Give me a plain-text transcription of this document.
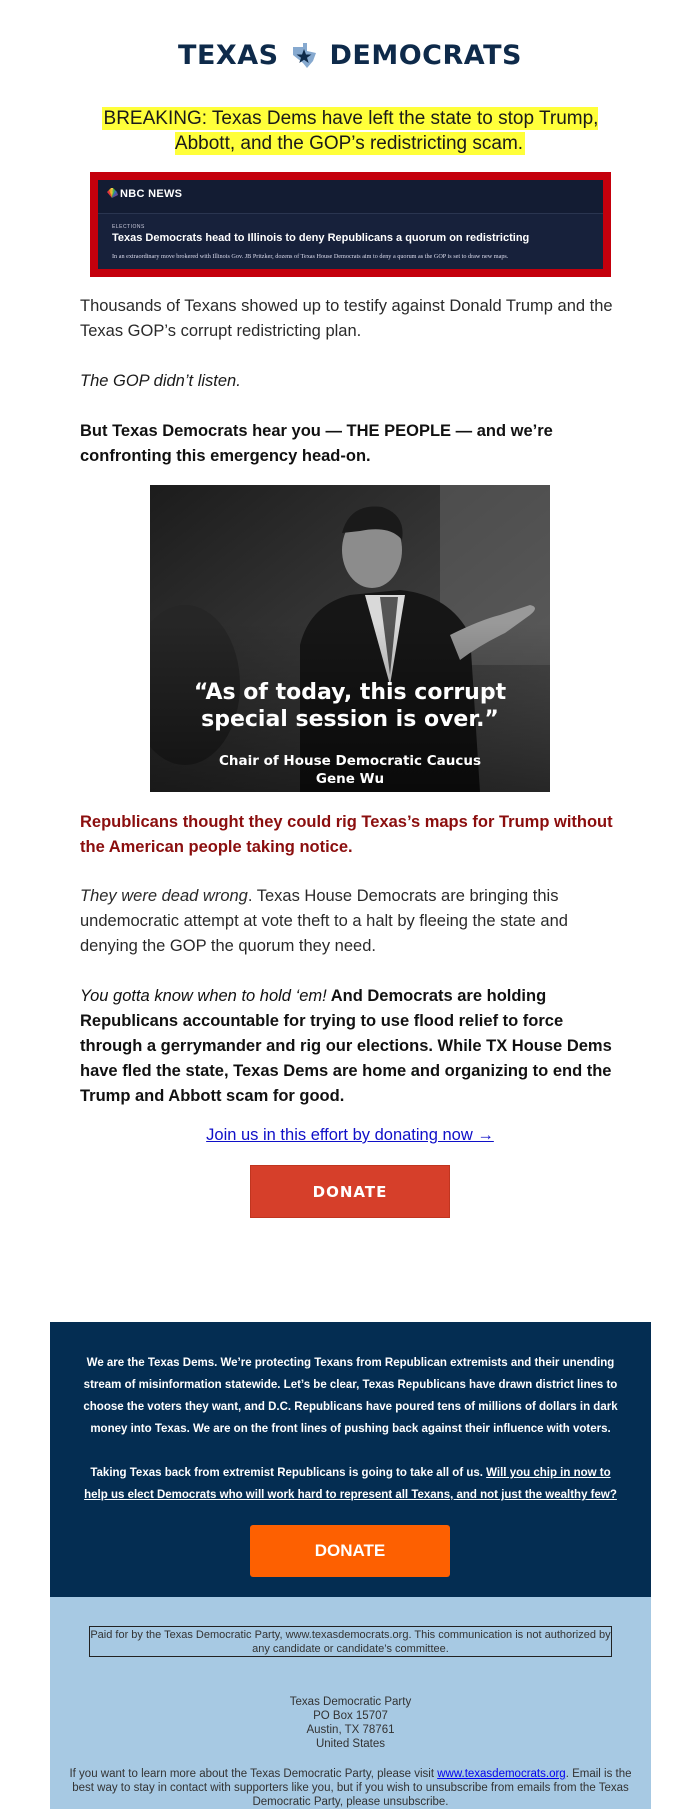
TEXAS DEMOCRATS
BREAKING: Texas Dems have left the state to stop Trump, Abbott, and the GOP’s redistricting scam.
NBC NEWS
ELECTIONS
Texas Democrats head to Illinois to deny Republicans a quorum on redistricting
In an extraordinary move brokered with Illinois Gov. JB Pritzker, dozens of Texas House Democrats aim to deny a quorum as the GOP is set to draw new maps.

Thousands of Texans showed up to testify against Donald Trump and the Texas GOP’s corrupt redistricting plan.

The GOP didn’t listen.

But Texas Democrats hear you — THE PEOPLE — and we’re confronting this emergency head-on.

“As of today, this corrupt
special session is over.”
Chair of House Democratic Caucus
Gene Wu

Republicans thought they could rig Texas’s maps for Trump without the American people taking notice.

They were dead wrong. Texas House Democrats are bringing this undemocratic attempt at vote theft to a halt by fleeing the state and denying the GOP the quorum they need.

You gotta know when to hold ‘em! And Democrats are holding Republicans accountable for trying to use flood relief to force through a gerrymander and rig our elections. While TX House Dems have fled the state, Texas Dems are home and organizing to end the Trump and Abbott scam for good.

Join us in this effort by donating now →
DONATE

We are the Texas Dems. We’re protecting Texans from Republican extremists and their unending stream of misinformation statewide. Let’s be clear, Texas Republicans have drawn district lines to choose the voters they want, and D.C. Republicans have poured tens of millions of dollars in dark money into Texas. We are on the front lines of pushing back against their influence with voters.

Taking Texas back from extremist Republicans is going to take all of us. Will you chip in now to help us elect Democrats who will work hard to represent all Texans, and not just the wealthy few?

DONATE
Paid for by the Texas Democratic Party, www.texasdemocrats.org. This communication is not authorized by any candidate or candidate’s committee.
Texas Democratic Party
PO Box 15707
Austin, TX 78761
United States

If you want to learn more about the Texas Democratic Party, please visit www.texasdemocrats.org. Email is the best way to stay in contact with supporters like you, but if you wish to unsubscribe from emails from the Texas Democratic Party, please unsubscribe.
